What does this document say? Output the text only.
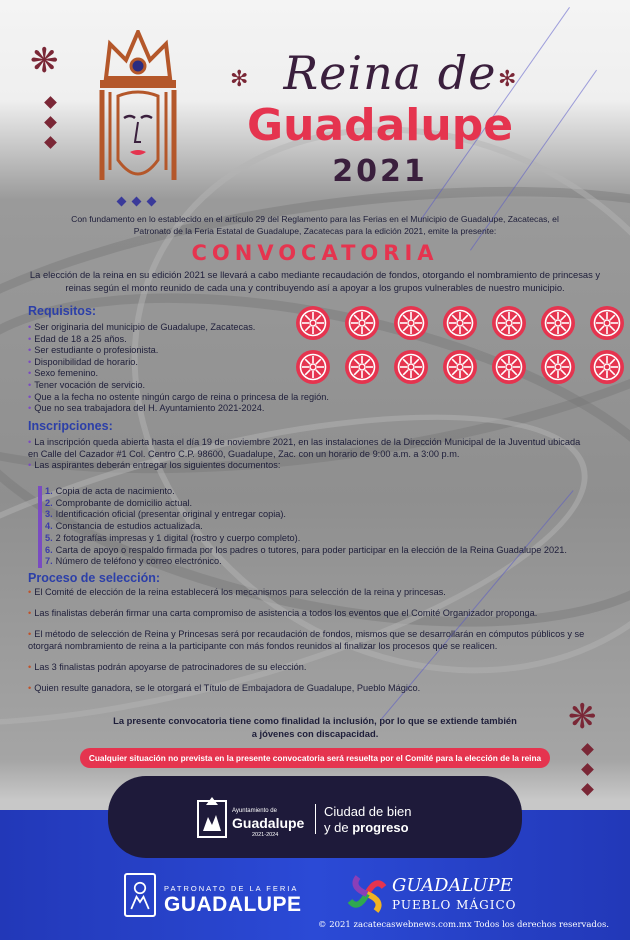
❋	✻	✻
❋
Reina de
Guadalupe
2021
Con fundamento en lo establecido en el artículo 29 del Reglamento para las Ferias en el Municipio de Guadalupe, Zacatecas, el Patronato de la Feria Estatal de Guadalupe, Zacatecas para la edición 2021, emite la presente:
CONVOCATORIA
La elección de la reina en su edición 2021 se llevará a cabo mediante recaudación de fondos, otorgando el nombramiento de princesas y reinas según el monto reunido de cada una y contribuyendo así a apoyar a los grupos vulnerables de nuestro municipio.
Requisitos:
• Ser originaria del municipio de Guadalupe, Zacatecas.
• Edad de 18 a 25 años.
• Ser estudiante o profesionista.
• Disponibilidad de horario.
• Sexo femenino.
• Tener vocación de servicio.
• Que a la fecha no ostente ningún cargo de reina o princesa de la región.
• Que no sea trabajadora del H. Ayuntamiento 2021-2024.
Inscripciones:
• La inscripción queda abierta hasta el día 19 de noviembre 2021, en las instalaciones de la Dirección Municipal de la Juventud ubicada en Calle del Cazador #1 Col. Centro C.P. 98600, Guadalupe, Zac. con un horario de 9:00 a.m. a 3:00 p.m.
• Las aspirantes deberán entregar los siguientes documentos:
1. Copia de acta de nacimiento.
2. Comprobante de domicilio actual.
3. Identificación oficial (presentar original y entregar copia).
4. Constancia de estudios actualizada.
5. 2 fotografías impresas y 1 digital (rostro y cuerpo completo).
6. Carta de apoyo o respaldo firmada por los padres o tutores, para poder participar en la elección de la Reina Guadalupe 2021.
7. Número de teléfono y correo electrónico.
Proceso de selección:
• El Comité de elección de la reina establecerá los mecanismos para selección de la reina y princesas.
• Las finalistas deberán firmar una carta compromiso de asistencia a todos los eventos que el Comité Organizador proponga.
• El método de selección de Reina y Princesas será por recaudación de fondos, mismos que se desarrollarán en cómputos públicos y se otorgará nombramiento de reina a la participante con más fondos reunidos al finalizar los procesos que se realicen.
• Las 3 finalistas podrán apoyarse de patrocinadores de su elección.
• Quien resulte ganadora, se le otorgará el Título de Embajadora de Guadalupe, Pueblo Mágico.
La presente convocatoria tiene como finalidad la inclusión, por lo que se extiende también a jóvenes con discapacidad.
Cualquier situación no prevista en la presente convocatoria será resuelta por el Comité para la elección de la reina
Ayuntamiento de
Guadalupe
2021-2024
Ciudad de bien
y de progreso
PATRONATO DE LA FERIA
GUADALUPE
GUADALUPE
PUEBLO MÁGICO
© 2021 zacatecaswebnews.com.mx Todos los derechos reservados.
